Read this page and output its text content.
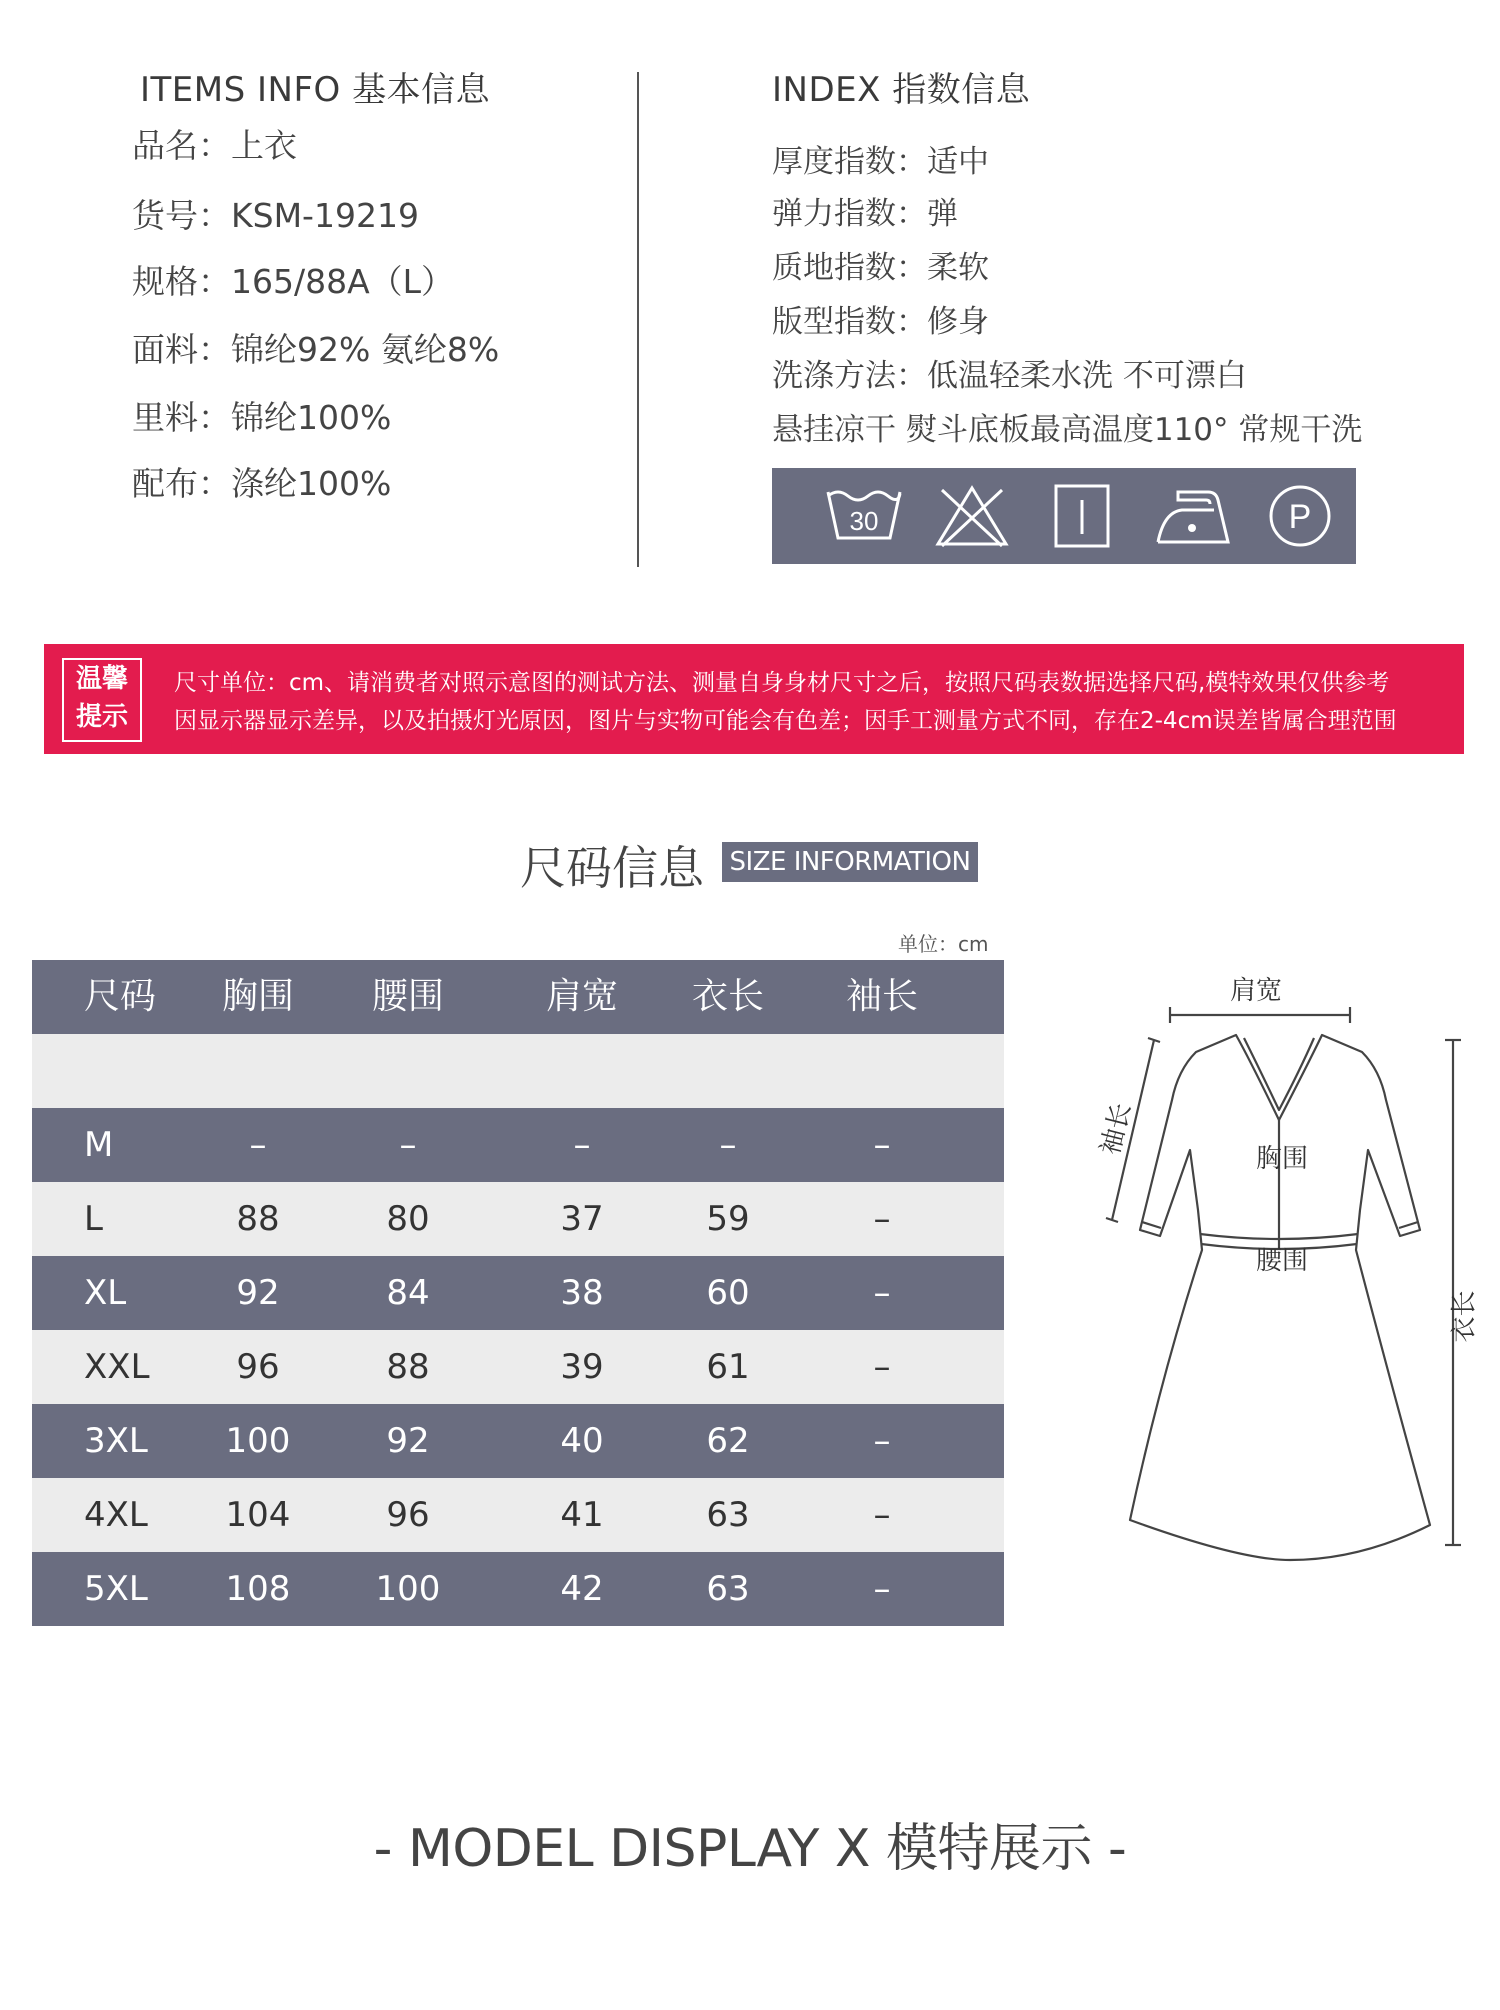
ITEMS INFO 基本信息
品名：上衣
货号：KSM-19219
规格：165/88A（L）
面料：锦纶92% 氨纶8%
里料：锦纶100%
配布：涤纶100%
INDEX 指数信息
厚度指数：适中
弹力指数：弹
质地指数：柔软
版型指数：修身
洗涤方法：低温轻柔水洗 不可漂白
悬挂凉干 熨斗底板最高温度110° 常规干洗
30	P
温馨
提示
尺寸单位：cm、请消费者对照示意图的测试方法、测量自身身材尺寸之后，按照尺码表数据选择尺码,模特效果仅供参考
因显示器显示差异，以及拍摄灯光原因，图片与实物可能会有色差；因手工测量方式不同，存在2-4cm误差皆属合理范围
尺码信息 SIZE INFORMATION
单位：cm
尺码	胸围	腰围	肩宽	衣长	袖长
M	–	–	–	–	–
L	88	80	37	59	–
XL	92	84	38	60	–
XXL	96	88	39	61	–
3XL	100	92	40	62	–
4XL	104	96	41	63	–
5XL	108	100	42	63	–
肩宽
袖长
胸围
腰围
衣长
- MODEL DISPLAY X 模特展示 -
